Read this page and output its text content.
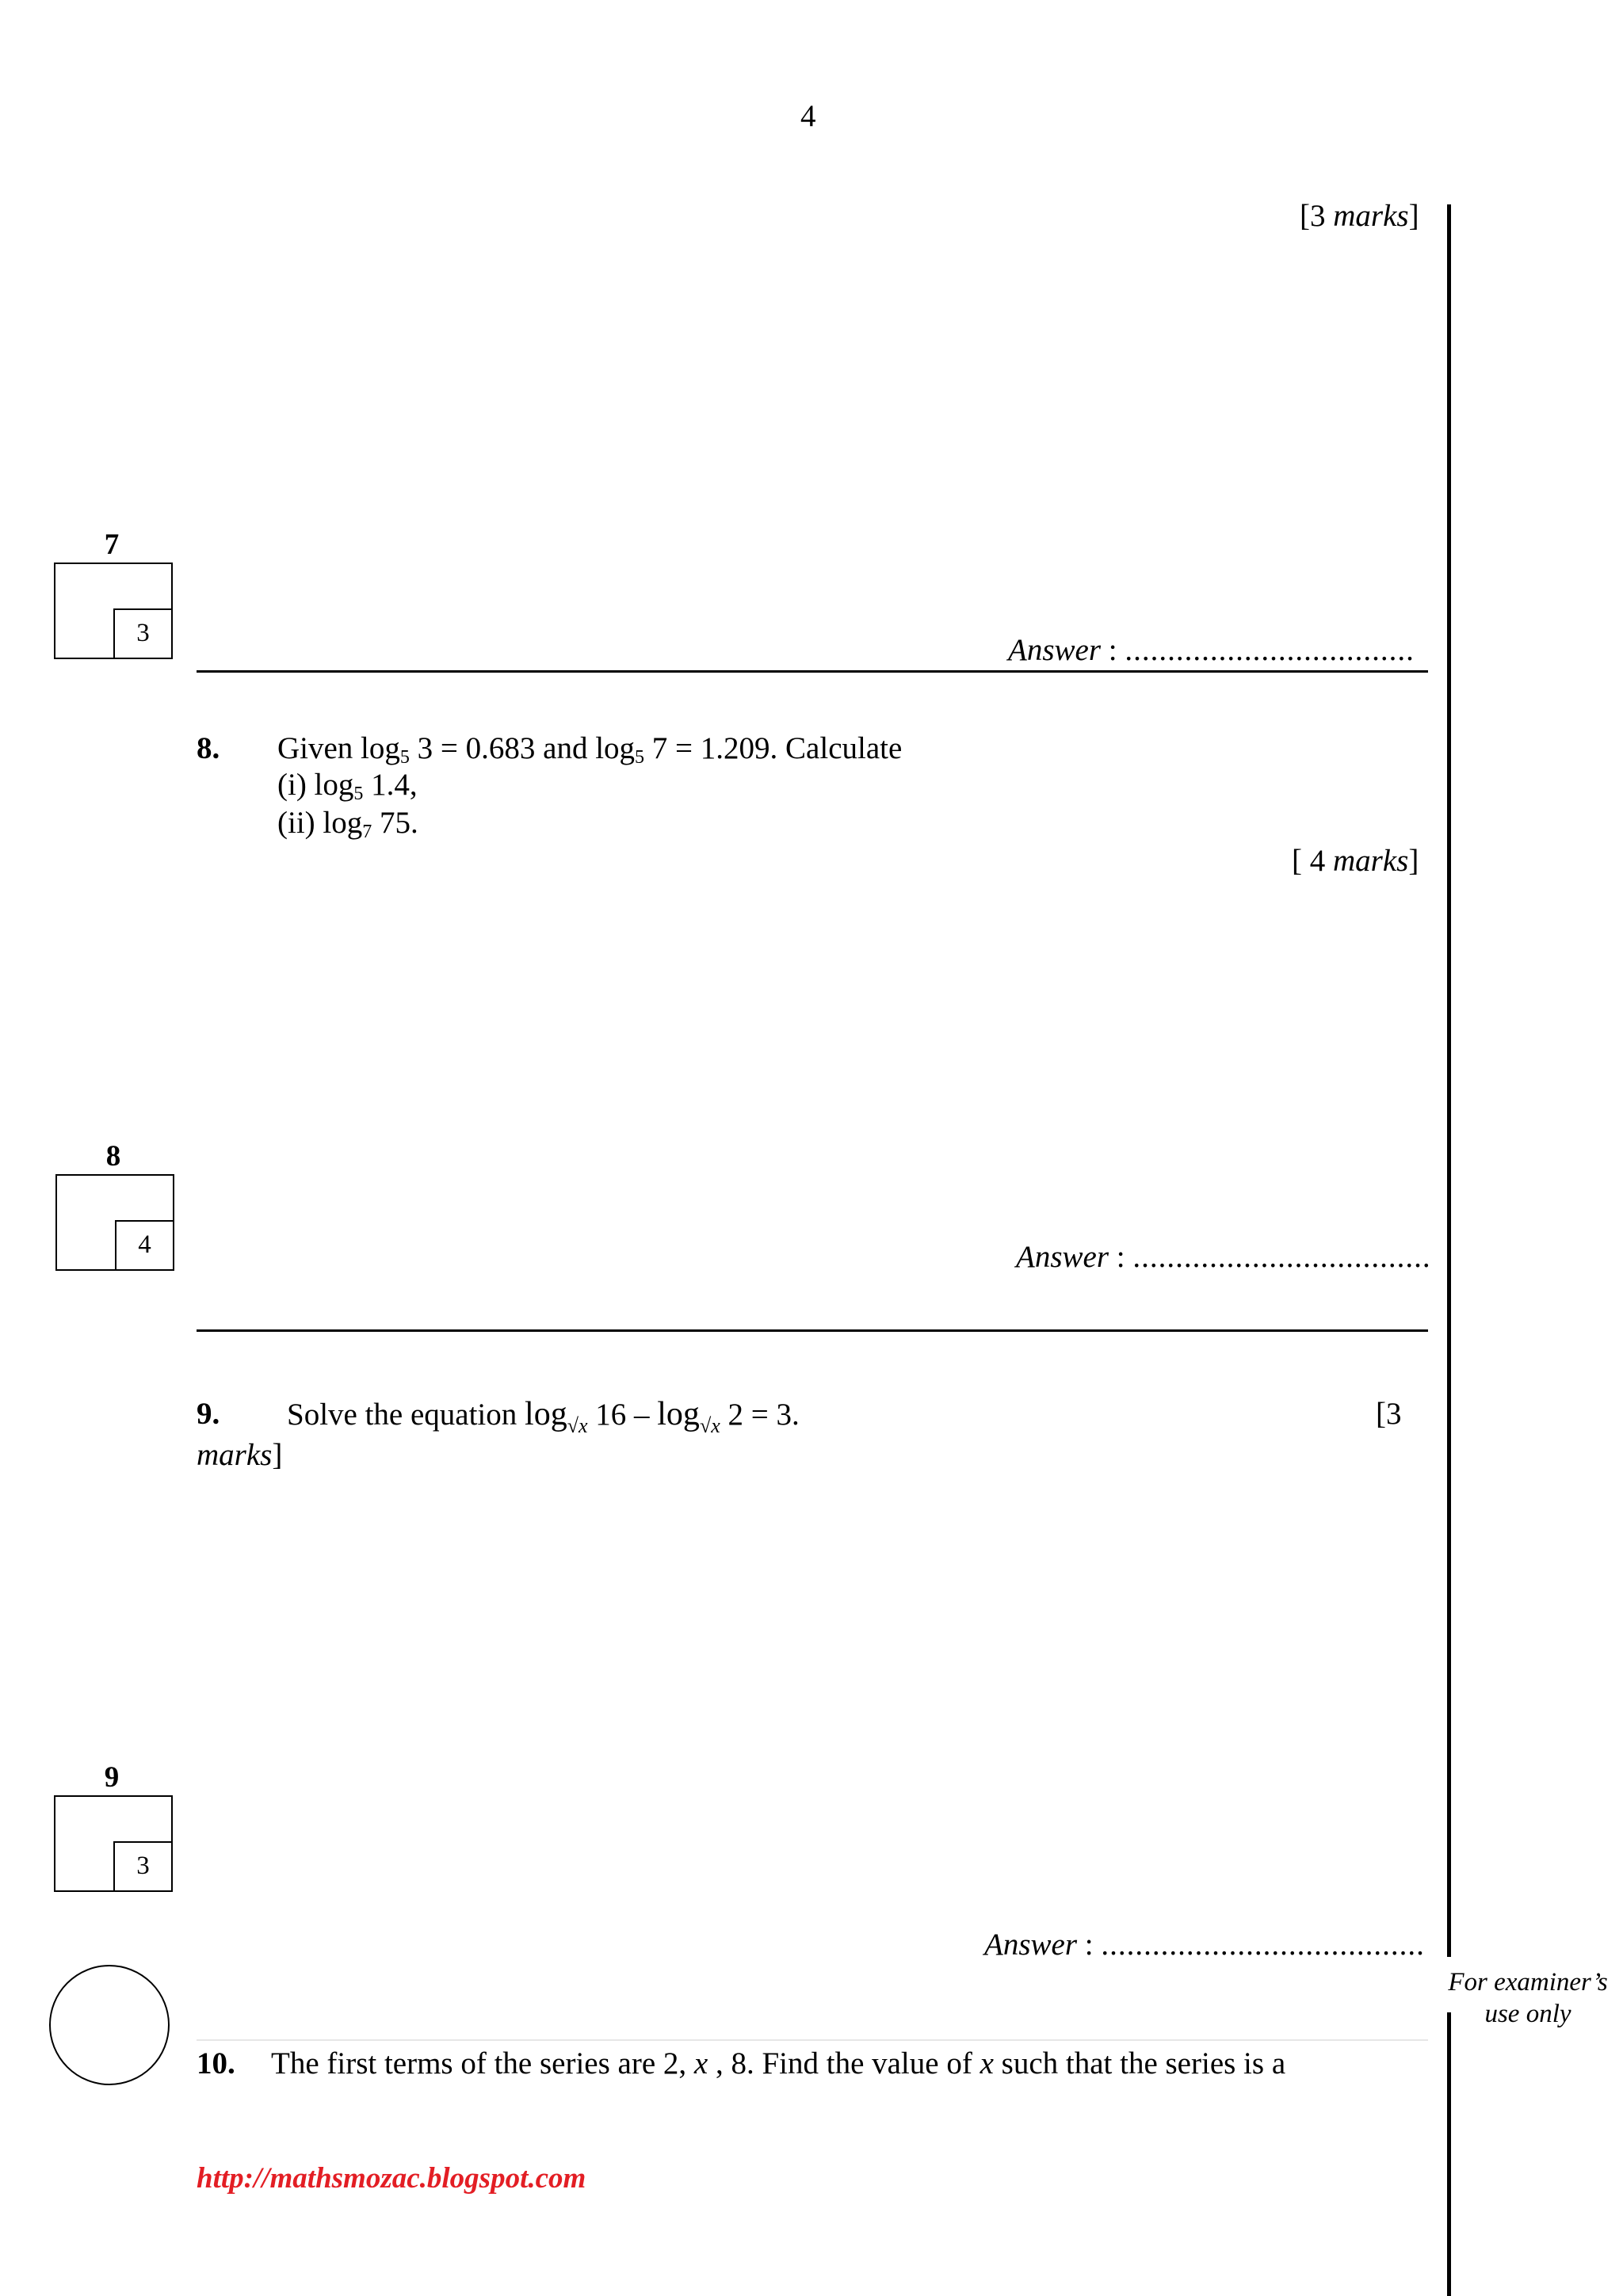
4
[3 marks]
7
3	Answer : ..................................
8. Given $\log_5 3 = 0.683$ and $\log_5 7 = 1.209$. Calculate
(i) $\log_5 1.4$,
(ii) $\log_7 75$.
[ 4 marks]
8
4	Answer : ...................................
9. Solve the equation $\log_{√x} 16 - \log_{√x} 2 = 3$.	[3
marks]
9
3
Answer : ......................................
For examiner’s
use only
10. The first terms of the series are 2, x , 8. Find the value of x such that the series is a
http://mathsmozac.blogspot.com
